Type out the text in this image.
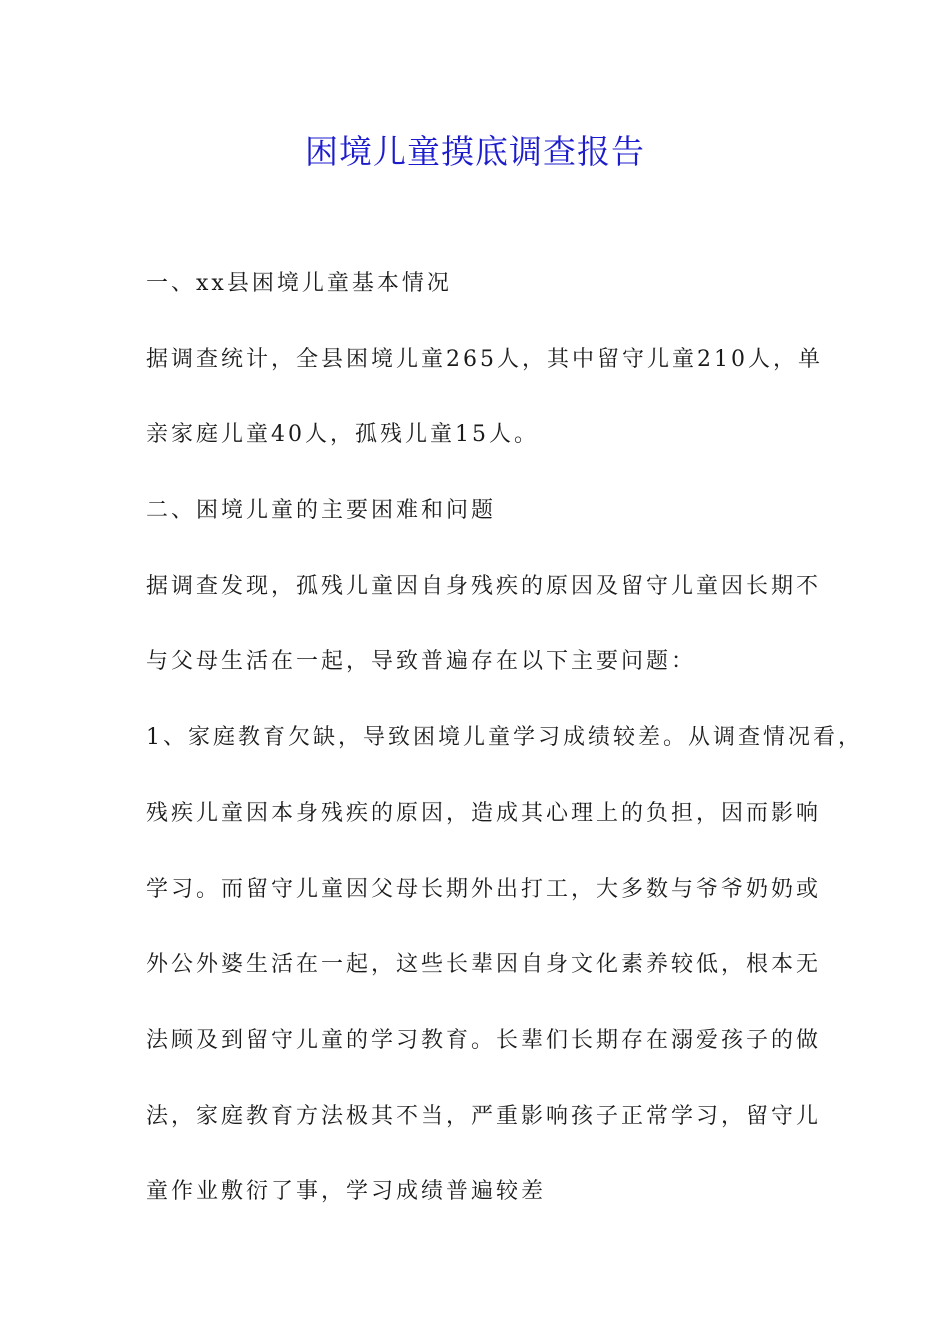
困境儿童摸底调查报告

一、xx县困境儿童基本情况

据调查统计，全县困境儿童265人，其中留守儿童210人，单

亲家庭儿童40人，孤残儿童15人。

二、困境儿童的主要困难和问题

据调查发现，孤残儿童因自身残疾的原因及留守儿童因长期不

与父母生活在一起，导致普遍存在以下主要问题：

1、家庭教育欠缺，导致困境儿童学习成绩较差。从调查情况看，

残疾儿童因本身残疾的原因，造成其心理上的负担，因而影响

学习。而留守儿童因父母长期外出打工，大多数与爷爷奶奶或

外公外婆生活在一起，这些长辈因自身文化素养较低，根本无

法顾及到留守儿童的学习教育。长辈们长期存在溺爱孩子的做

法，家庭教育方法极其不当，严重影响孩子正常学习，留守儿

童作业敷衍了事，学习成绩普遍较差
